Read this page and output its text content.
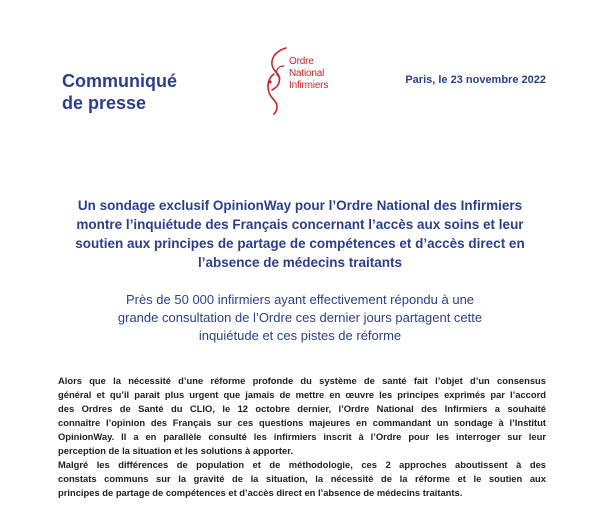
Communiqué
de presse
Ordre
National
Infirmiers	Paris, le 23 novembre 2022
Un sondage exclusif OpinionWay pour l’Ordre National des Infirmiers
montre l’inquiétude des Français concernant l’accès aux soins et leur
soutien aux principes de partage de compétences et d’accès direct en
l’absence de médecins traitants
Près de 50 000 infirmiers ayant effectivement répondu à une
grande consultation de l’Ordre ces dernier jours partagent cette
inquiétude et ces pistes de réforme

Alors que la nécessité d’une réforme profonde du système de santé fait l’objet d’un consensus
général et qu’il parait plus urgent que jamais de mettre en œuvre les principes exprimés par l’accord
des Ordres de Santé du CLIO, le 12 octobre dernier, l’Ordre National des Infirmiers a souhaité
connaître l’opinion des Français sur ces questions majeures en commandant un sondage à l’Institut
OpinionWay. Il a en parallèle consulté les infirmiers inscrit à l’Ordre pour les interroger sur leur
perception de la situation et les solutions à apporter.

Malgré les différences de population et de méthodologie, ces 2 approches aboutissent à des
constats communs sur la gravité de la situation, la nécessité de la réforme et le soutien aux
principes de partage de compétences et d’accès direct en l’absence de médecins traitants.
